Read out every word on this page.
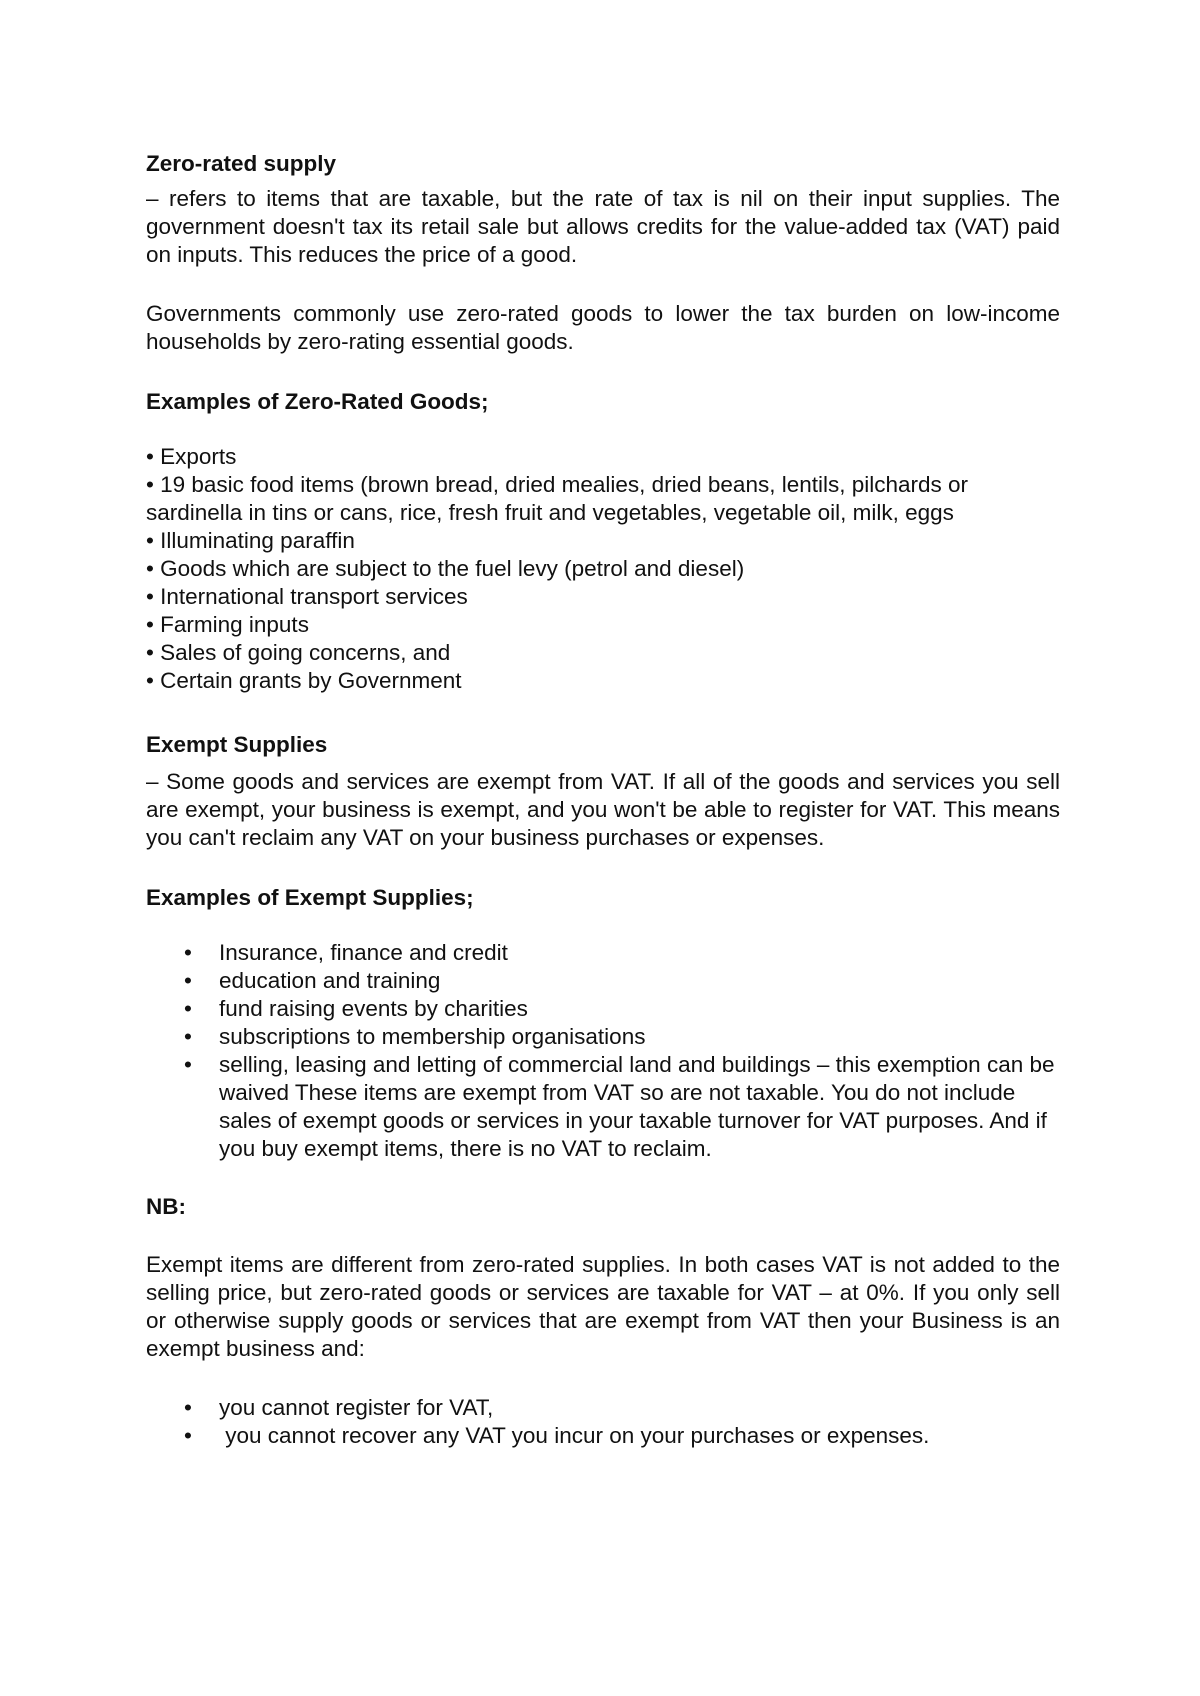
Zero-rated supply

– refers to items that are taxable, but the rate of tax is nil on their input supplies. The government doesn't tax its retail sale but allows credits for the value-added tax (VAT) paid on inputs. This reduces the price of a good.

Governments commonly use zero-rated goods to lower the tax burden on low-income households by zero-rating essential goods.

Examples of Zero-Rated Goods;

• Exports
• 19 basic food items (brown bread, dried mealies, dried beans, lentils, pilchards or sardinella in tins or cans, rice, fresh fruit and vegetables, vegetable oil, milk, eggs
• Illuminating paraffin
• Goods which are subject to the fuel levy (petrol and diesel)
• International transport services
• Farming inputs
• Sales of going concerns, and
• Certain grants by Government

Exempt Supplies

– Some goods and services are exempt from VAT. If all of the goods and services you sell are exempt, your business is exempt, and you won't be able to register for VAT. This means you can't reclaim any VAT on your business purchases or expenses.

Examples of Exempt Supplies;

• Insurance, finance and credit
• education and training
• fund raising events by charities
• subscriptions to membership organisations
• selling, leasing and letting of commercial land and buildings – this exemption can be waived These items are exempt from VAT so are not taxable. You do not include sales of exempt goods or services in your taxable turnover for VAT purposes. And if you buy exempt items, there is no VAT to reclaim.

NB:

Exempt items are different from zero-rated supplies. In both cases VAT is not added to the selling price, but zero-rated goods or services are taxable for VAT – at 0%. If you only sell or otherwise supply goods or services that are exempt from VAT then your Business is an exempt business and:

• you cannot register for VAT,
• you cannot recover any VAT you incur on your purchases or expenses.
